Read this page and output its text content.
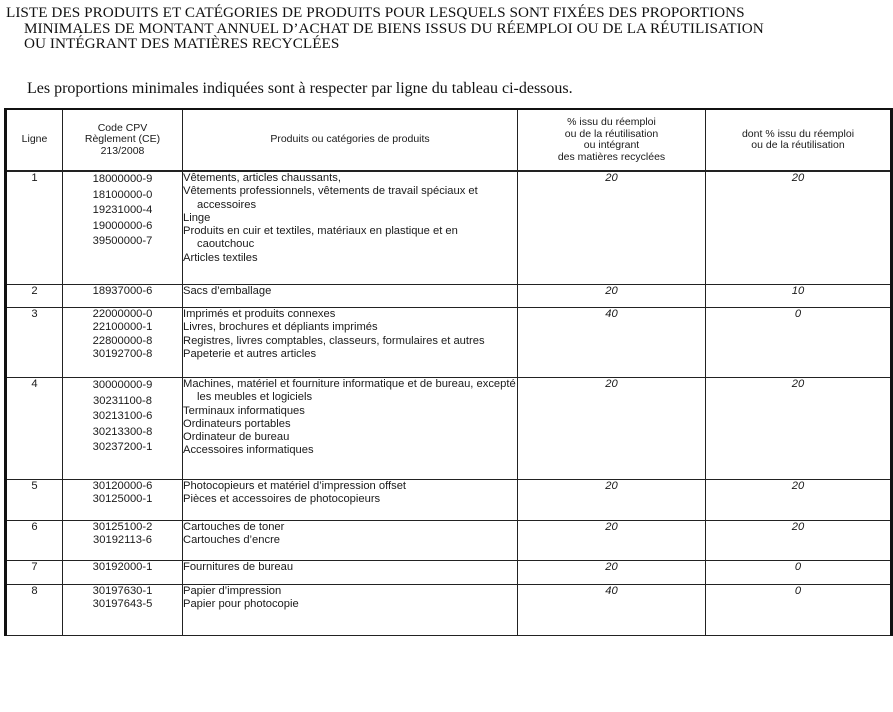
LISTE DES PRODUITS ET CATÉGORIES DE PRODUITS POUR LESQUELS SONT FIXÉES DES PROPORTIONS
MINIMALES DE MONTANT ANNUEL D’ACHAT DE BIENS ISSUS DU RÉEMPLOI OU DE LA RÉUTILISATION
OU INTÉGRANT DES MATIÈRES RECYCLÉES

Les proportions minimales indiquées sont à respecter par ligne du tableau ci-dessous.

Ligne	Code CPV
Règlement (CE)
213/2008	Produits ou catégories de produits	% issu du réemploi
ou de la réutilisation
ou intégrant
des matières recyclées	dont % issu du réemploi
ou de la réutilisation
1	18000000-9
18100000-0
19231000-4
19000000-6
39500000-7	Vêtements, articles chaussants,
Vêtements professionnels, vêtements de travail spéciaux et accessoires
Linge
Produits en cuir et textiles, matériaux en plastique et en caoutchouc
Articles textiles	20	20
2	18937000-6	Sacs d’emballage	20	10
3	22000000-0
22100000-1
22800000-8
30192700-8	Imprimés et produits connexes
Livres, brochures et dépliants imprimés
Registres, livres comptables, classeurs, formulaires et autres
Papeterie et autres articles	40	0
4	30000000-9
30231100-8
30213100-6
30213300-8
30237200-1	Machines, matériel et fourniture informatique et de bureau, excepté les meubles et logiciels
Terminaux informatiques
Ordinateurs portables
Ordinateur de bureau
Accessoires informatiques	20	20
5	30120000-6
30125000-1	Photocopieurs et matériel d’impression offset
Pièces et accessoires de photocopieurs	20	20
6	30125100-2
30192113-6	Cartouches de toner
Cartouches d’encre	20	20
7	30192000-1	Fournitures de bureau	20	0
8	30197630-1
30197643-5	Papier d’impression
Papier pour photocopie	40	0
